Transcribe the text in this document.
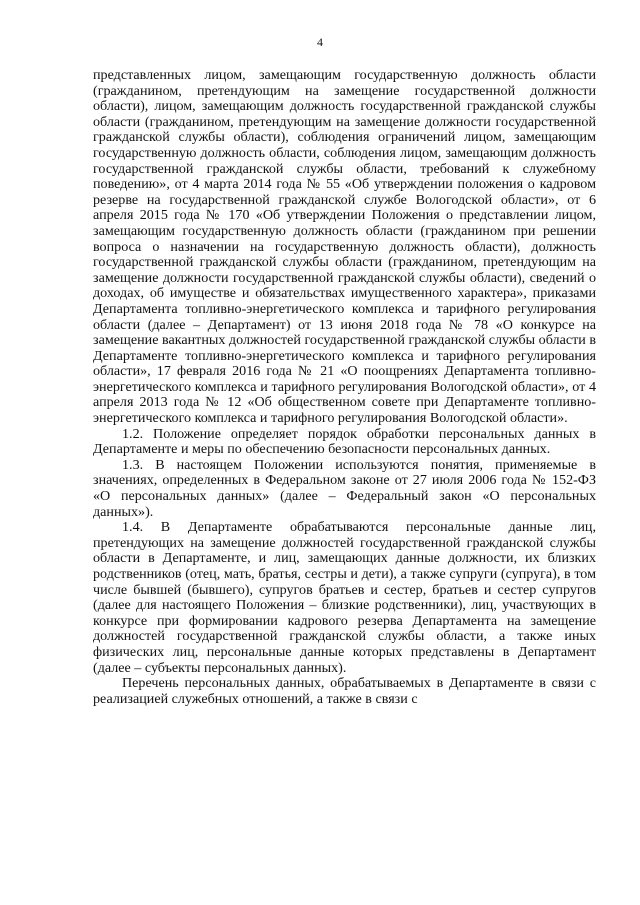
4

представленных лицом, замещающим государственную должность области (гражданином, претендующим на замещение государственной должности области), лицом, замещающим должность государственной гражданской службы области (гражданином, претендующим на замещение должности государственной гражданской службы области), соблюдения ограничений лицом, замещающим государственную должность области, соблюдения лицом, замещающим должность государственной гражданской службы области, требований к служебному поведению», от 4 марта 2014 года № 55 «Об утверждении положения о кадровом резерве на государственной гражданской службе Вологодской области», от 6 апреля 2015 года № 170 «Об утверждении Положения о представлении лицом, замещающим государственную должность области (гражданином при решении вопроса о назначении на государственную должность области), должность государственной гражданской службы области (гражданином, претендующим на замещение должности государственной гражданской службы области), сведений о доходах, об имуществе и обязательствах имущественного характера», приказами Департамента топливно-энергетического комплекса и тарифного регулирования области (далее – Департамент) от 13 июня 2018 года № 78 «О конкурсе на замещение вакантных должностей государственной гражданской службы области в Департаменте топливно-энергетического комплекса и тарифного регулирования области», 17 февраля 2016 года № 21 «О поощрениях Департамента топливно-энергетического комплекса и тарифного регулирования Вологодской области», от 4 апреля 2013 года № 12 «Об общественном совете при Департаменте топливно-энергетического комплекса и тарифного регулирования Вологодской области».

1.2. Положение определяет порядок обработки персональных данных в Департаменте и меры по обеспечению безопасности персональных данных.

1.3. В настоящем Положении используются понятия, применяемые в значениях, определенных в Федеральном законе от 27 июля 2006 года № 152-ФЗ «О персональных данных» (далее – Федеральный закон «О персональных данных»).

1.4. В Департаменте обрабатываются персональные данные лиц, претендующих на замещение должностей государственной гражданской службы области в Департаменте, и лиц, замещающих данные должности, их близких родственников (отец, мать, братья, сестры и дети), а также супруги (супруга), в том числе бывшей (бывшего), супругов братьев и сестер, братьев и сестер супругов (далее для настоящего Положения – близкие родственники), лиц, участвующих в конкурсе при формировании кадрового резерва Департамента на замещение должностей государственной гражданской службы области, а также иных физических лиц, персональные данные которых представлены в Департамент (далее – субъекты персональных данных).

Перечень персональных данных, обрабатываемых в Департаменте в связи с реализацией служебных отношений, а также в связи с
